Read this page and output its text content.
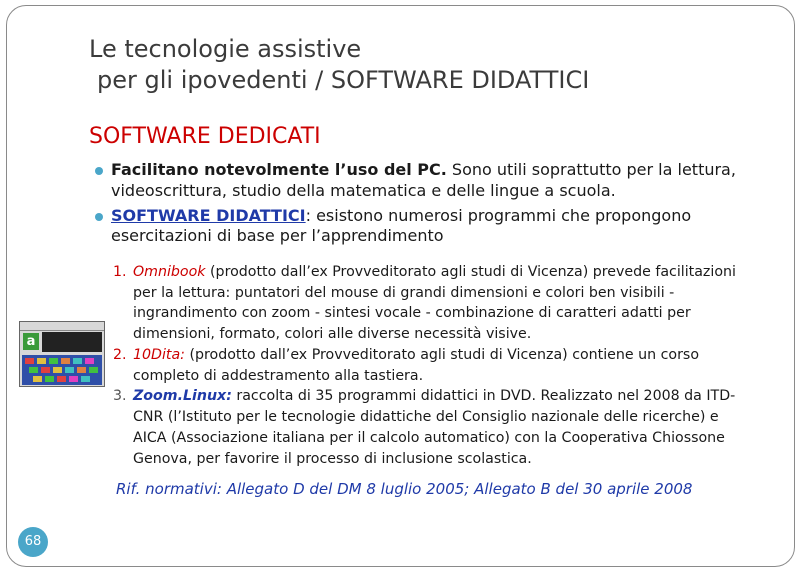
Le tecnologie assistive
per gli ipovedenti / SOFTWARE DIDATTICI
SOFTWARE DEDICATI
Facilitano notevolmente l’uso del PC. Sono utili soprattutto per la lettura, videoscrittura, studio della matematica e delle lingue a scuola.
SOFTWARE DIDATTICI: esistono numerosi programmi che propongono esercitazioni di base per l’apprendimento
1. Omnibook (prodotto dall’ex Provveditorato agli studi di Vicenza) prevede facilitazioni per la lettura: puntatori del mouse di grandi dimensioni e colori ben visibili - ingrandimento con zoom - sintesi vocale - combinazione di caratteri adatti per dimensioni, formato, colori alle diverse necessità visive.
2. 10Dita: (prodotto dall’ex Provveditorato agli studi di Vicenza) contiene un corso completo di addestramento alla tastiera.
3. Zoom.Linux: raccolta di 35 programmi didattici in DVD. Realizzato nel 2008 da ITD-CNR (l’Istituto per le tecnologie didattiche del Consiglio nazionale delle ricerche) e AICA (Associazione italiana per il calcolo automatico) con la Cooperativa Chiossone Genova, per favorire il processo di inclusione scolastica.

Rif. normativi: Allegato D del DM 8 luglio 2005; Allegato B del 30 aprile 2008

a
68
